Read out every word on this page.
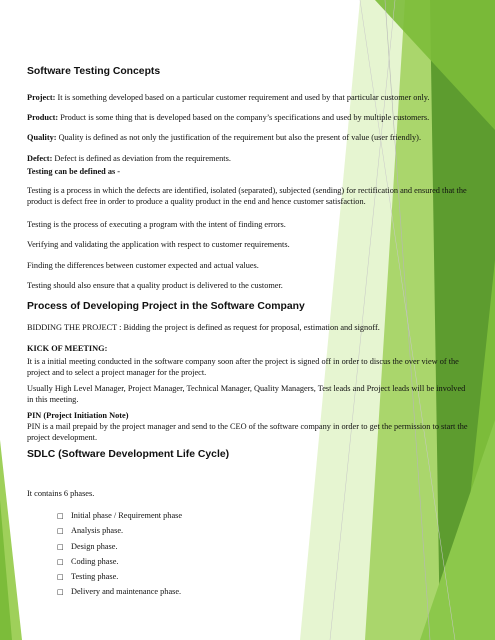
Software Testing Concepts

Project: It is something developed based on a particular customer requirement and used by that particular customer only.

Product: Product is some thing that is developed based on the company’s specifications and used by multiple customers.

Quality: Quality is defined as not only the justification of the requirement but also the present of value (user friendly).

Defect: Defect is defined as deviation from the requirements.

Testing can be defined as -

Testing is a process in which the defects are identified, isolated (separated), subjected (sending) for rectification and ensured that the product is defect free in order to produce a quality product in the end and hence customer satisfaction.

Testing is the process of executing a program with the intent of finding errors.

Verifying and validating the application with respect to customer requirements.

Finding the differences between customer expected and actual values.

Testing should also ensure that a quality product is delivered to the customer.

Process of Developing Project in the Software Company

BIDDING THE PROJECT : Bidding the project is defined as request for proposal, estimation and signoff.

KICK OF MEETING:

It is a initial meeting conducted in the software company soon after the project is signed off in order to discus the over view of the project and to select a project manager for the project.

Usually High Level Manager, Project Manager, Technical Manager, Quality Managers, Test leads and Project leads will be involved in this meeting.

PIN (Project Initiation Note)

PIN is a mail prepaid by the project manager and send to the CEO of the software company in order to get the permission to start the project development.

SDLC (Software Development Life Cycle)

It contains 6 phases.

□ Initial phase / Requirement phase
□ Analysis phase.
□ Design phase.
□ Coding phase.
□ Testing phase.
□ Delivery and maintenance phase.
